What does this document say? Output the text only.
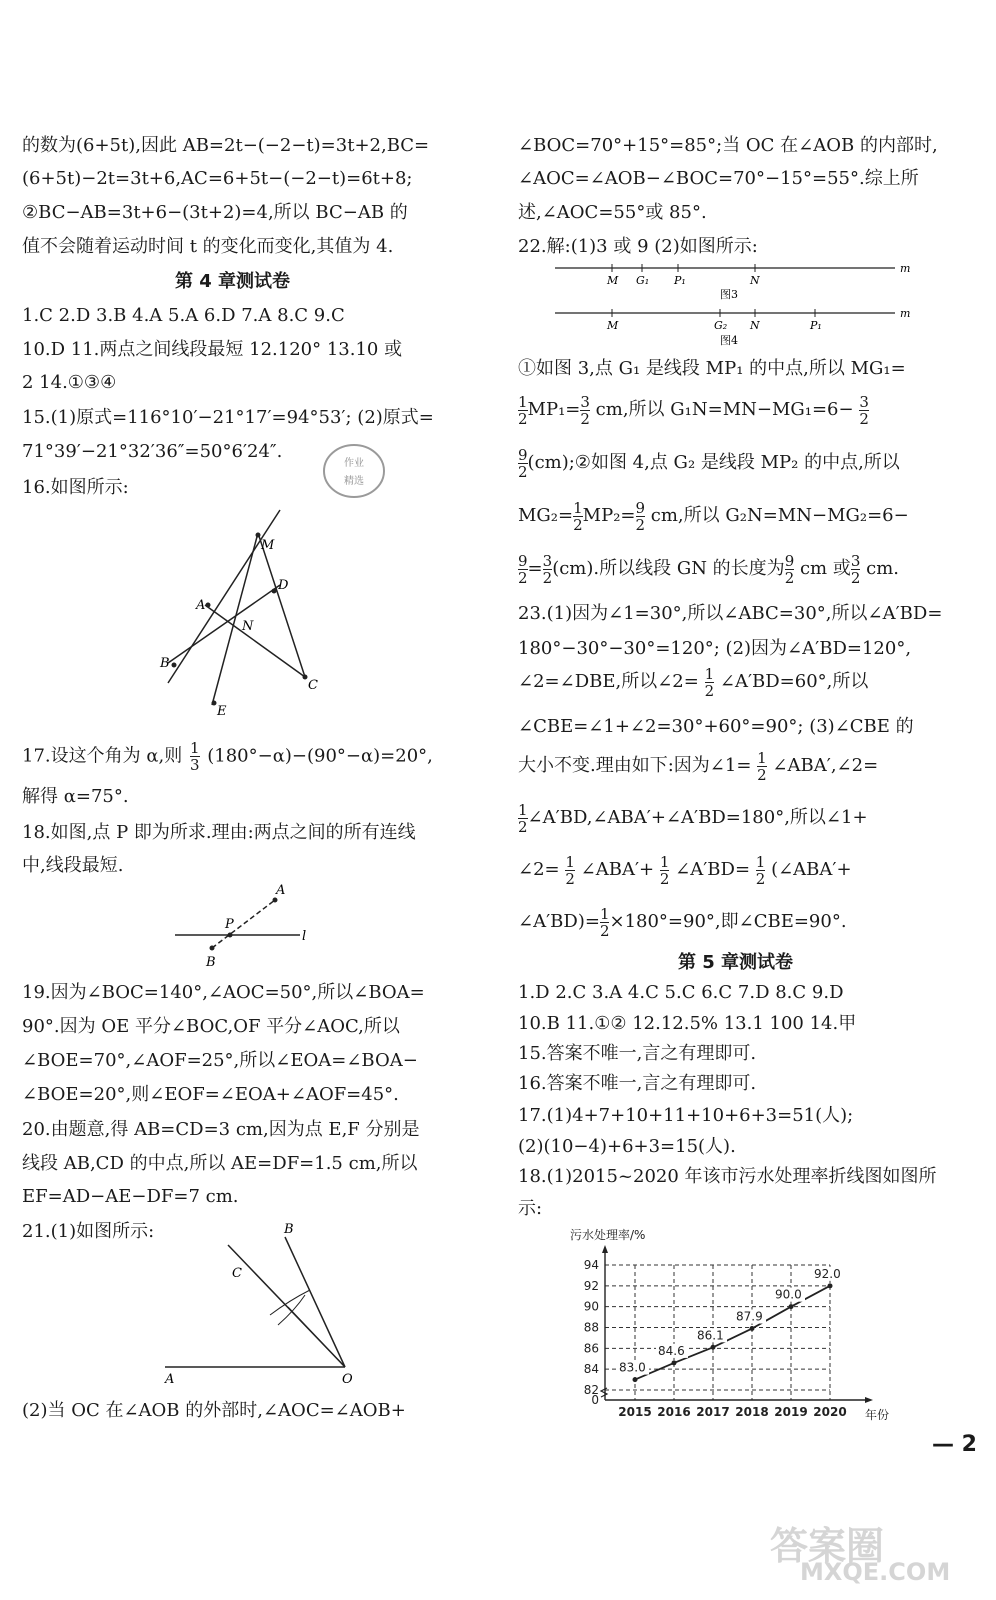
的数为(6+5t),因此 AB=2t−(−2−t)=3t+2,BC=
(6+5t)−2t=3t+6,AC=6+5t−(−2−t)=6t+8;
②BC−AB=3t+6−(3t+2)=4,所以 BC−AB 的
值不会随着运动时间 t 的变化而变化,其值为 4.
第 4 章测试卷
1.C 2.D 3.B 4.A 5.A 6.D 7.A 8.C 9.C
10.D 11.两点之间线段最短 12.120° 13.10 或
2 14.①③④
15.(1)原式=116°10′−21°17′=94°53′; (2)原式=
71°39′−21°32′36″=50°6′24″.
作业
精选
16.如图所示:
M
A
N
D
B
C
E
17.设这个角为 α,则 $\frac{1}{3} (180^\circ-\alpha)-(90^\circ-\alpha)=20^\circ$,
解得 α=75°.
18.如图,点 P 即为所求.理由:两点之间的所有连线
中,线段最短.
A
P
l
B
19.因为∠BOC=140°,∠AOC=50°,所以∠BOA=
90°.因为 OE 平分∠BOC,OF 平分∠AOC,所以
∠BOE=70°,∠AOF=25°,所以∠EOA=∠BOA−
∠BOE=20°,则∠EOF=∠EOA+∠AOF=45°.
20.由题意,得 AB=CD=3 cm,因为点 E,F 分别是
线段 AB,CD 的中点,所以 AE=DF=1.5 cm,所以
EF=AD−AE−DF=7 cm.
21.(1)如图所示:	B
C
A	O
(2)当 OC 在∠AOB 的外部时,∠AOC=∠AOB+
∠BOC=70°+15°=85°;当 OC 在∠AOB 的内部时,
∠AOC=∠AOB−∠BOC=70°−15°=55°.综上所
述,∠AOC=55°或 85°.
22.解:(1)3 或 9 (2)如图所示:
M G₁ P₁	N
m
图3
M	G₂ N	P₁
m
图4
①如图 3,点 G₁ 是线段 MP₁ 的中点,所以 MG₁=
$\frac{1}{2} MP_1= \frac{3}{2}$ cm,所以 $G_1N=MN-MG_1=6- \frac{3}{2}$
$\frac{9}{2}$ (cm);②如图 4,点 G₂ 是线段 MP₂ 的中点,所以
$MG_2= \frac{1}{2} MP_2= \frac{9}{2}$ cm,所以 G₂N=MN−MG₂=6−
$\frac{9}{2} = \frac{3}{2} (cm)$.所以线段 GN 的长度为 $\frac{9}{2}$ cm 或 $\frac{3}{2}$ cm.
23.(1)因为∠1=30°,所以∠ABC=30°,所以∠A′BD=
180°−30°−30°=120°; (2)因为∠A′BD=120°,
∠2=∠DBE,所以∠2= $\frac{1}{2}$ ∠A′BD=60°,所以
∠CBE=∠1+∠2=30°+60°=90°; (3)∠CBE 的
大小不变.理由如下:因为∠1= $\frac{1}{2}$ ∠ABA′,∠2=
$\frac{1}{2}$ ∠A′BD,∠ABA′+∠A′BD=180°,所以∠1+
∠2= $\frac{1}{2}$ ∠ABA′+ $\frac{1}{2}$ ∠A′BD= $\frac{1}{2}$ (∠ABA′+
∠A′BD)= $\frac{1}{2} \times 180^\circ=90^\circ$,即∠CBE=90°.
第 5 章测试卷
1.D 2.C 3.A 4.C 5.C 6.C 7.D 8.C 9.D
10.B 11.①② 12.12.5% 13.1 100 14.甲
15.答案不唯一,言之有理即可.
16.答案不唯一,言之有理即可.
17.(1)4+7+10+11+10+6+3=51(人);
(2)(10−4)+6+3=15(人).
18.(1)2015~2020 年该市污水处理率折线图如图所
示:
污水处理率/%
年份
0
82
84
86
88
90
92
94
2015 2016 2017 2018 2019 2020
83.0
84.6
86.1
87.9
90.0
92.0
— 2
答案圈
MXQE.COM
